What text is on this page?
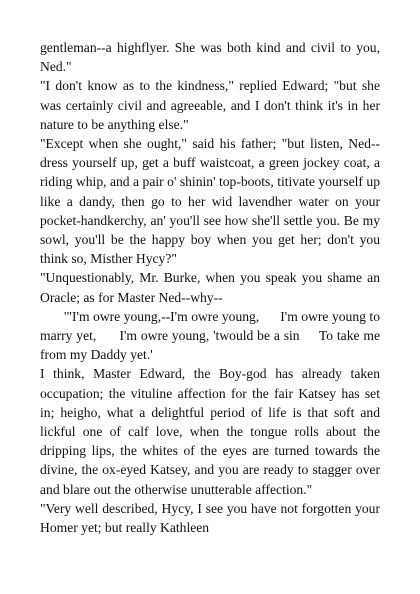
gentleman--a highflyer. She was both kind and civil to you, Ned."

"I don't know as to the kindness," replied Edward; "but she was certainly civil and agreeable, and I don't think it's in her nature to be anything else."

"Except when she ought," said his father; "but listen, Ned--dress yourself up, get a buff waistcoat, a green jockey coat, a riding whip, and a pair o' shinin' top-boots, titivate yourself up like a dandy, then go to her wid lavendher water on your pocket-handkerchy, an' you'll see how she'll settle you. Be my sowl, you'll be the happy boy when you get her; don't you think so, Misther Hycy?"

"Unquestionably, Mr. Burke, when you speak you shame an Oracle; as for Master Ned--why--

'"I'm owre young,--I'm owre young,      I'm owre young to marry yet,      I'm owre young, 'twould be a sin     To take me from my Daddy yet.'

I think, Master Edward, the Boy-god has already taken occupation; the vituline affection for the fair Katsey has set in; heigho, what a delightful period of life is that soft and lickful one of calf love, when the tongue rolls about the dripping lips, the whites of the eyes are turned towards the divine, the ox-eyed Katsey, and you are ready to stagger over and blare out the otherwise unutterable affection."

"Very well described, Hycy, I see you have not forgotten your Homer yet; but really Kathleen
